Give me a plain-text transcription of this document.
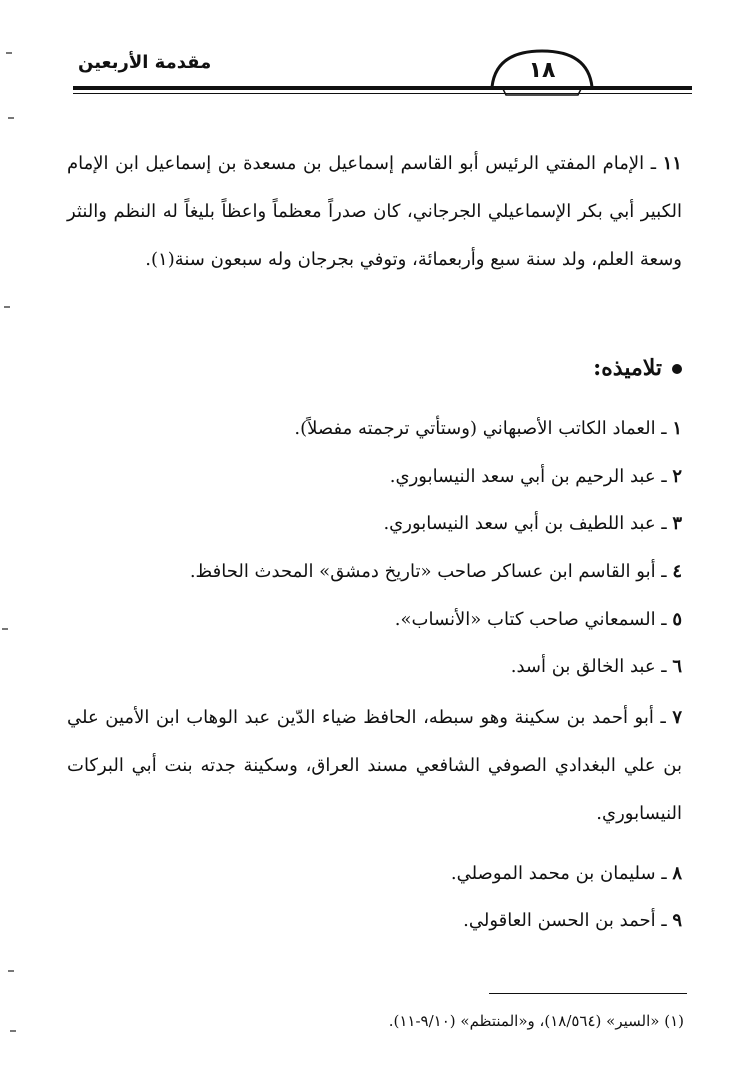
مقدمة الأربعين	١٨
١١ ـ الإمام المفتي الرئيس أبو القاسم إسماعيل بن مسعدة بن إسماعيل ابن الإمام الكبير أبي بكر الإسماعيلي الجرجاني، كان صدراً معظماً واعظاً بليغاً له النظم والنثر وسعة العلم، ولد سنة سبع وأربعمائة، وتوفي بجرجان وله سبعون سنة(١).
تلاميذه:
١ ـ العماد الكاتب الأصبهاني (وستأتي ترجمته مفصلاً).
٢ ـ عبد الرحيم بن أبي سعد النيسابوري.
٣ ـ عبد اللطيف بن أبي سعد النيسابوري.
٤ ـ أبو القاسم ابن عساكر صاحب «تاريخ دمشق» المحدث الحافظ.
٥ ـ السمعاني صاحب كتاب «الأنساب».
٦ ـ عبد الخالق بن أسد.
٧ ـ أبو أحمد بن سكينة وهو سبطه، الحافظ ضياء الدّين عبد الوهاب ابن الأمين علي بن علي البغدادي الصوفي الشافعي مسند العراق، وسكينة جدته بنت أبي البركات النيسابوري.
٨ ـ سليمان بن محمد الموصلي.
٩ ـ أحمد بن الحسن العاقولي.
(١) «السير» (١٨/٥٦٤)، و«المنتظم» (٩/١٠-١١).
